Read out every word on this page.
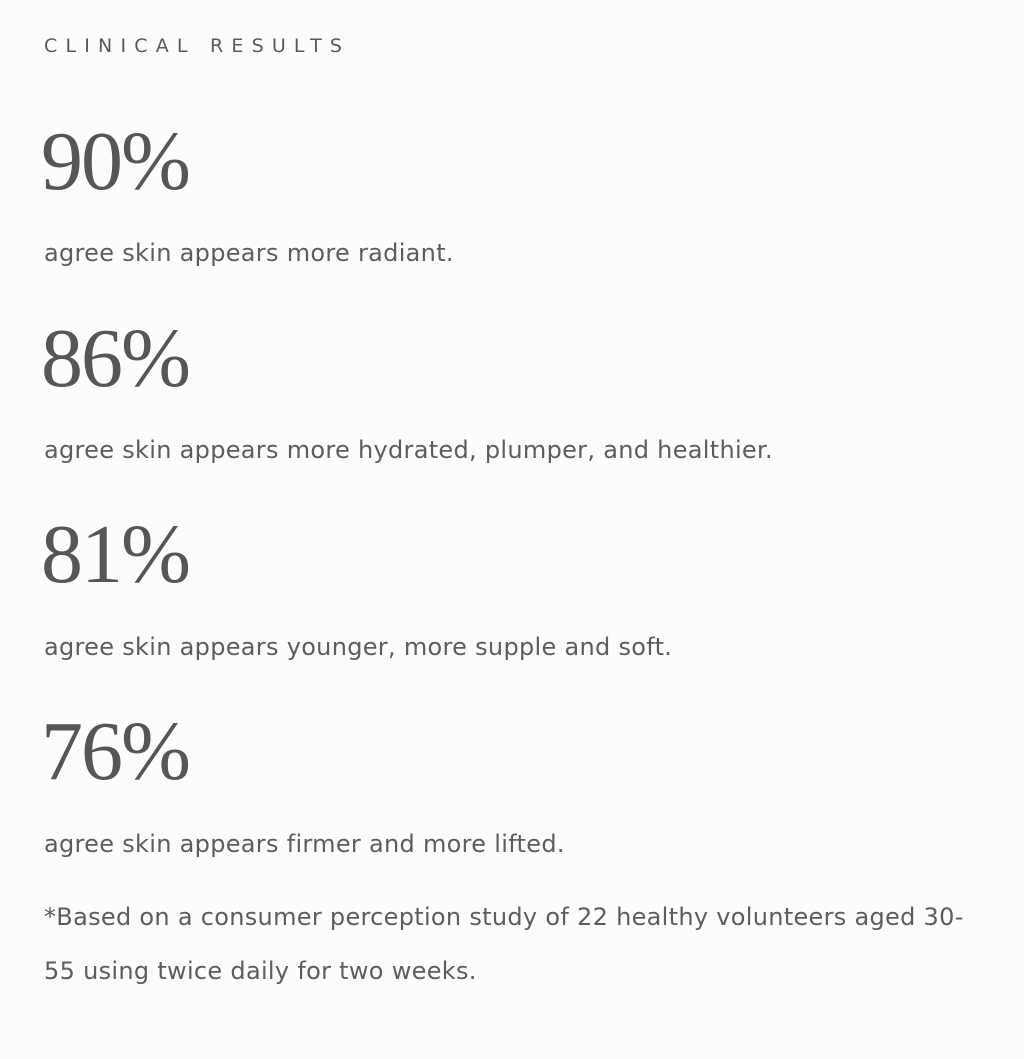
CLINICAL RESULTS
90%
agree skin appears more radiant.
86%
agree skin appears more hydrated, plumper, and healthier.
81%
agree skin appears younger, more supple and soft.
76%
agree skin appears firmer and more lifted.
*Based on a consumer perception study of 22 healthy volunteers aged 30-55 using twice daily for two weeks.
